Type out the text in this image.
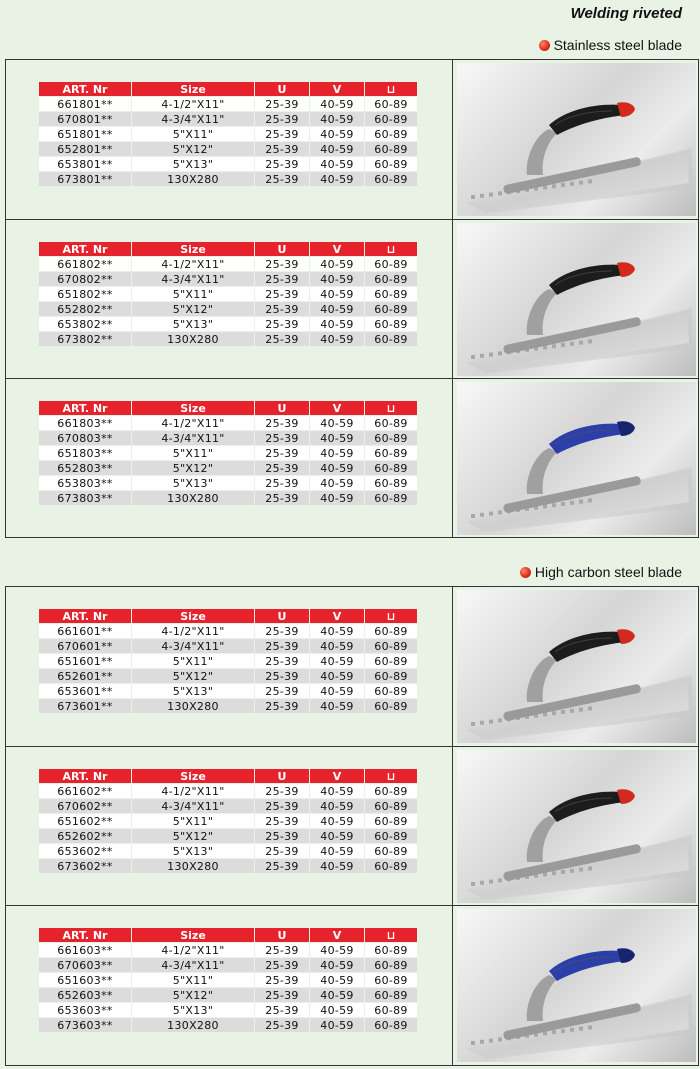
Welding riveted
Stainless steel blade
ART. Nr	Size	U	V	⊔
661801**	4-1/2"X11"	25-39	40-59	60-89
670801**	4-3/4"X11"	25-39	40-59	60-89
651801**	5"X11"	25-39	40-59	60-89
652801**	5"X12"	25-39	40-59	60-89
653801**	5"X13"	25-39	40-59	60-89
673801**	130X280	25-39	40-59	60-89
ART. Nr	Size	U	V	⊔
661802**	4-1/2"X11"	25-39	40-59	60-89
670802**	4-3/4"X11"	25-39	40-59	60-89
651802**	5"X11"	25-39	40-59	60-89
652802**	5"X12"	25-39	40-59	60-89
653802**	5"X13"	25-39	40-59	60-89
673802**	130X280	25-39	40-59	60-89
ART. Nr	Size	U	V	⊔
661803**	4-1/2"X11"	25-39	40-59	60-89
670803**	4-3/4"X11"	25-39	40-59	60-89
651803**	5"X11"	25-39	40-59	60-89
652803**	5"X12"	25-39	40-59	60-89
653803**	5"X13"	25-39	40-59	60-89
673803**	130X280	25-39	40-59	60-89
High carbon steel blade
ART. Nr	Size	U	V	⊔
661601**	4-1/2"X11"	25-39	40-59	60-89
670601**	4-3/4"X11"	25-39	40-59	60-89
651601**	5"X11"	25-39	40-59	60-89
652601**	5"X12"	25-39	40-59	60-89
653601**	5"X13"	25-39	40-59	60-89
673601**	130X280	25-39	40-59	60-89
ART. Nr	Size	U	V	⊔
661602**	4-1/2"X11"	25-39	40-59	60-89
670602**	4-3/4"X11"	25-39	40-59	60-89
651602**	5"X11"	25-39	40-59	60-89
652602**	5"X12"	25-39	40-59	60-89
653602**	5"X13"	25-39	40-59	60-89
673602**	130X280	25-39	40-59	60-89
ART. Nr	Size	U	V	⊔
661603**	4-1/2"X11"	25-39	40-59	60-89
670603**	4-3/4"X11"	25-39	40-59	60-89
651603**	5"X11"	25-39	40-59	60-89
652603**	5"X12"	25-39	40-59	60-89
653603**	5"X13"	25-39	40-59	60-89
673603**	130X280	25-39	40-59	60-89
